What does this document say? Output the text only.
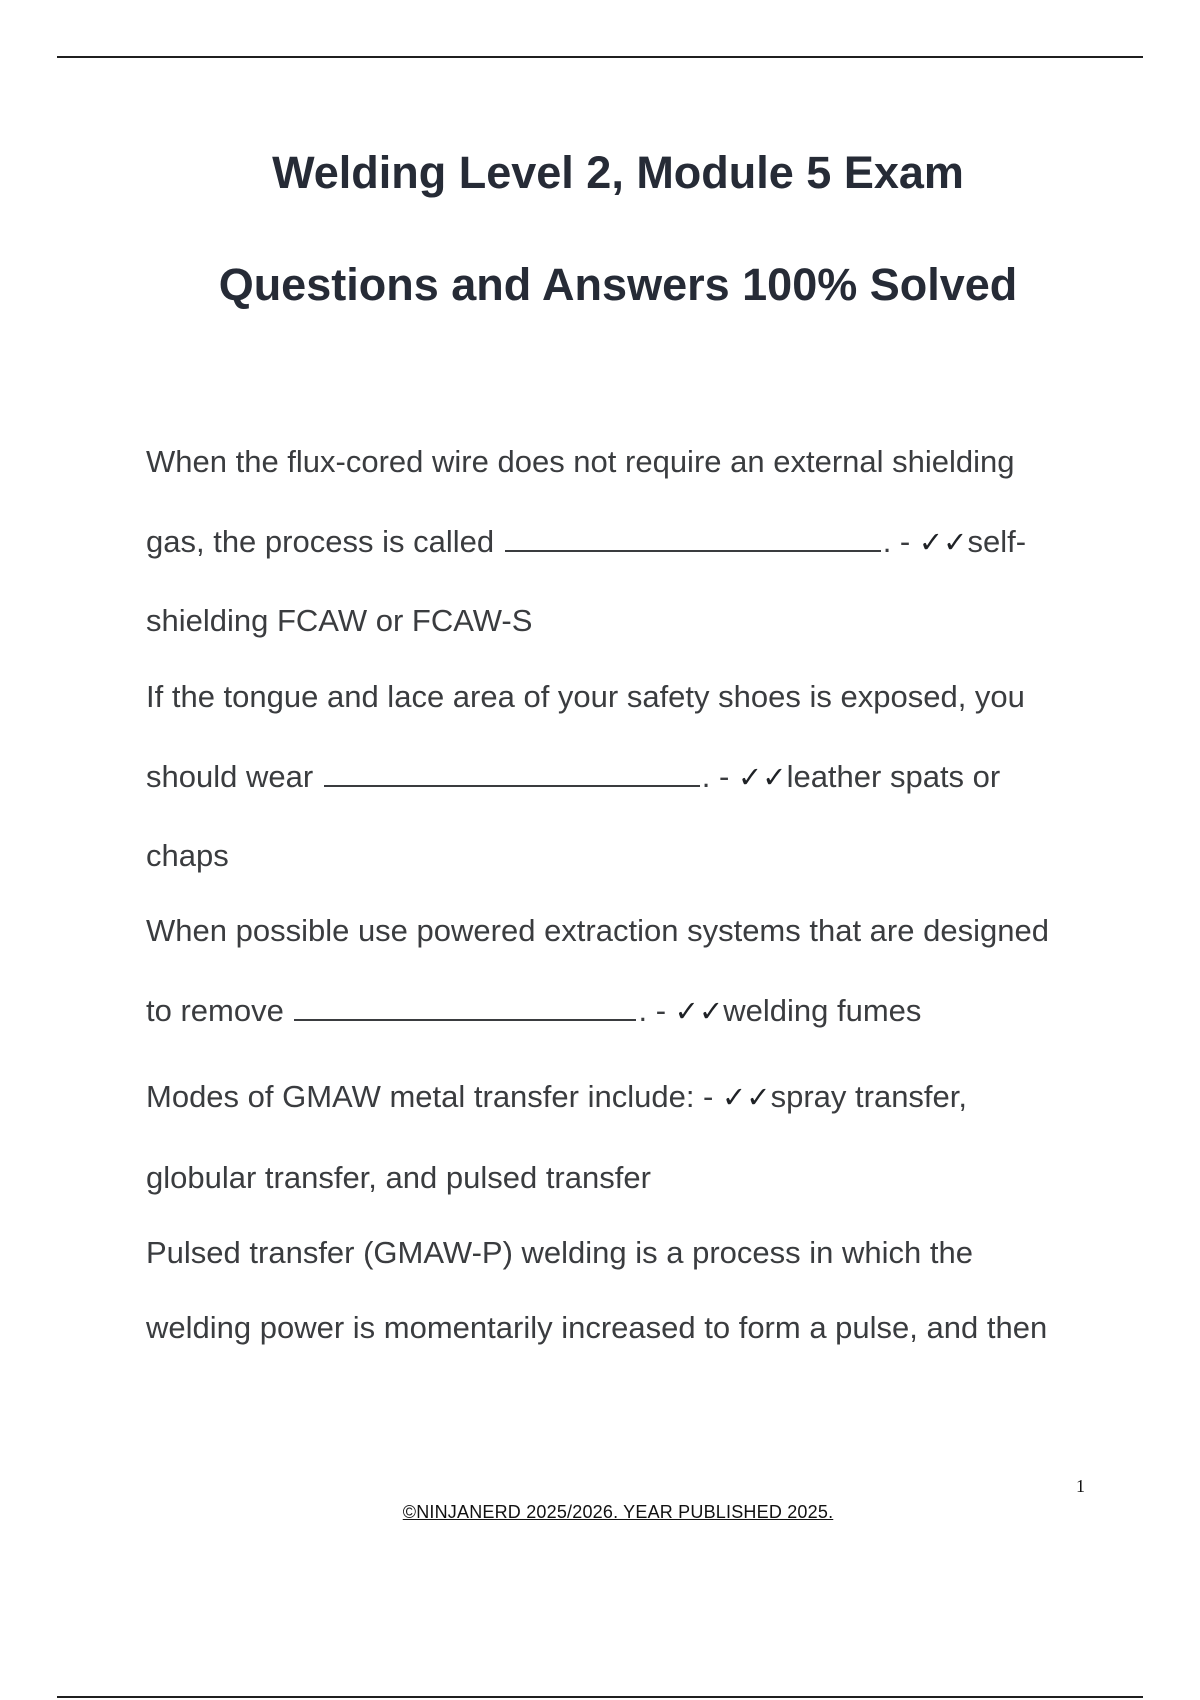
Welding Level 2, Module 5 Exam
Questions and Answers 100% Solved
When the flux-cored wire does not require an external shielding
gas, the process is called	. - ✓✓self-
shielding FCAW or FCAW-S
If the tongue and lace area of your safety shoes is exposed, you
should wear	. - ✓✓leather spats or
chaps
When possible use powered extraction systems that are designed
to remove	. - ✓✓welding fumes
Modes of GMAW metal transfer include: - ✓✓spray transfer,
globular transfer, and pulsed transfer
Pulsed transfer (GMAW-P) welding is a process in which the
welding power is momentarily increased to form a pulse, and then
1
©NINJANERD 2025/2026. YEAR PUBLISHED 2025.
